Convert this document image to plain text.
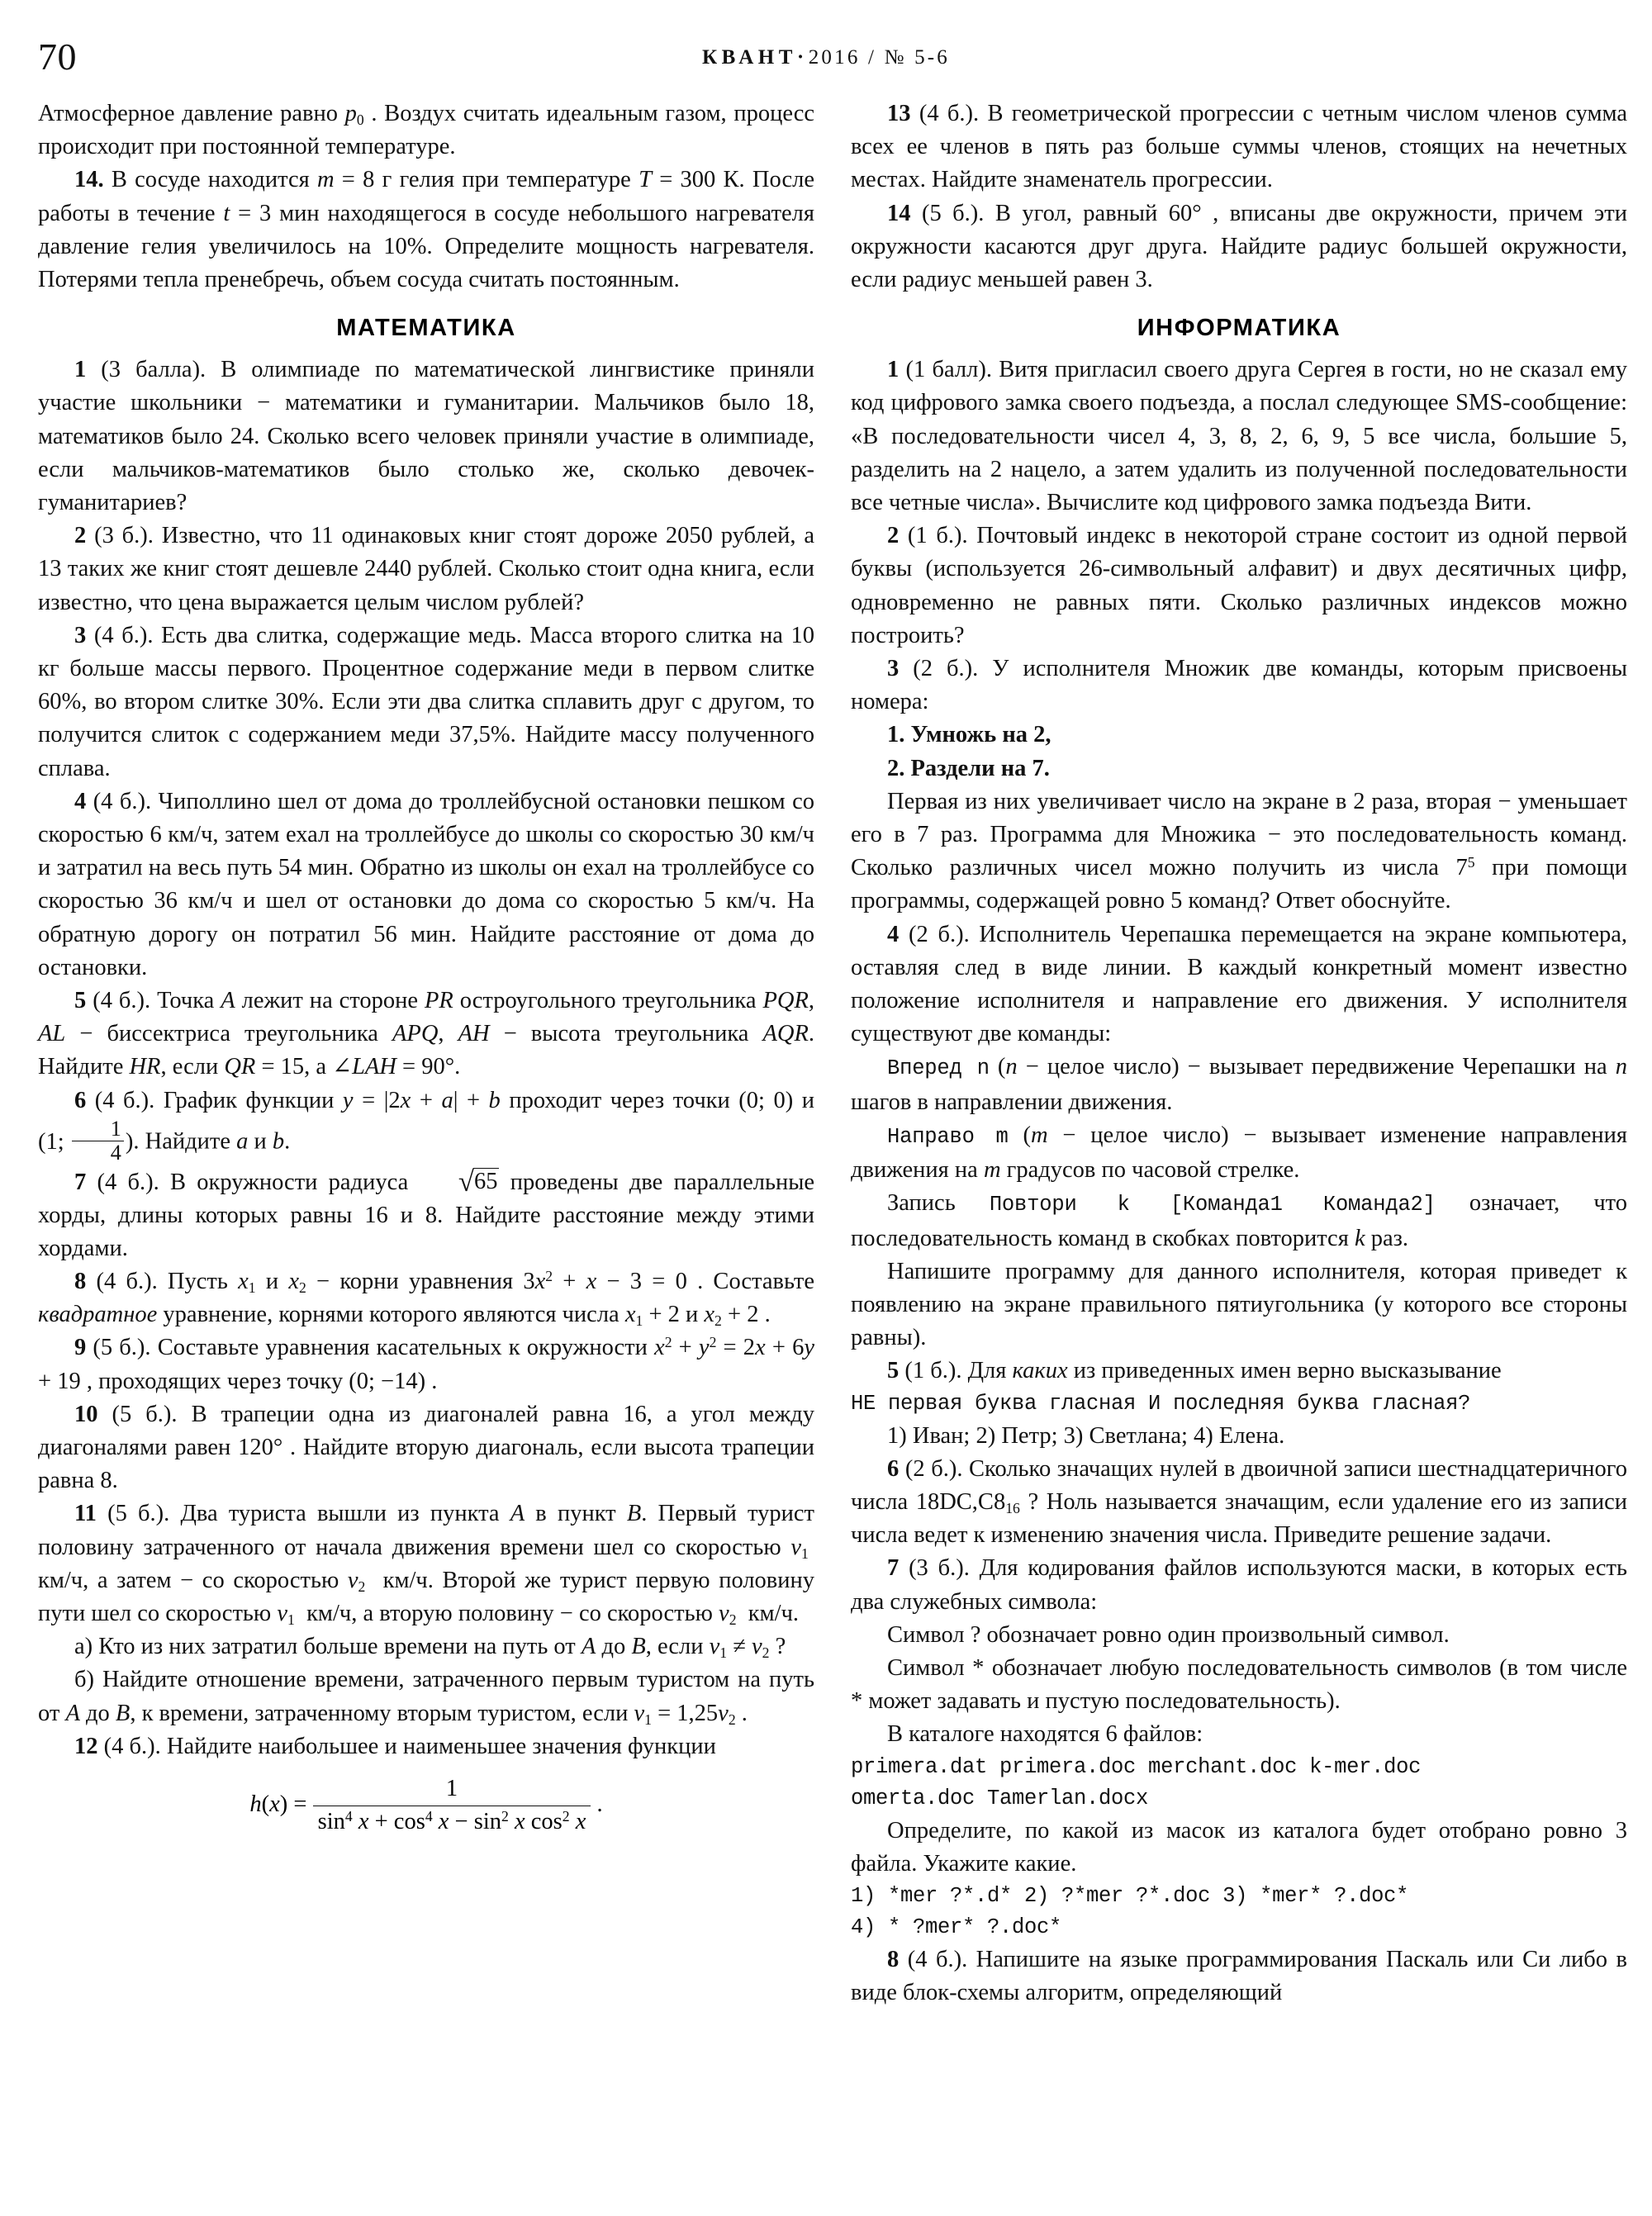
70	КВАНТ·2016 / № 5-6

Атмосферное давление равно $p_0$ . Воздух считать идеальным газом, процесс происходит при постоянной температуре.

14. В сосуде находится m = 8 г гелия при температуре T = 300 К. После работы в течение t = 3 мин находящегося в сосуде небольшого нагревателя давление гелия увеличилось на 10%. Определите мощность нагревателя. Потерями тепла пренебречь, объем сосуда считать постоянным.

МАТЕМАТИКА

1 (3 балла). В олимпиаде по математической лингвистике приняли участие школьники − математики и гуманитарии. Мальчиков было 18, математиков было 24. Сколько всего человек приняли участие в олимпиаде, если мальчиков-математиков было столько же, сколько девочек-гуманитариев?

2 (3 б.). Известно, что 11 одинаковых книг стоят дороже 2050 рублей, а 13 таких же книг стоят дешевле 2440 рублей. Сколько стоит одна книга, если известно, что цена выражается целым числом рублей?

3 (4 б.). Есть два слитка, содержащие медь. Масса второго слитка на 10 кг больше массы первого. Процентное содержание меди в первом слитке 60%, во втором слитке 30%. Если эти два слитка сплавить друг с другом, то получится слиток с содержанием меди 37,5%. Найдите массу полученного сплава.

4 (4 б.). Чиполлино шел от дома до троллейбусной остановки пешком со скоростью 6 км/ч, затем ехал на троллейбусе до школы со скоростью 30 км/ч и затратил на весь путь 54 мин. Обратно из школы он ехал на троллейбусе со скоростью 36 км/ч и шел от остановки до дома со скоростью 5 км/ч. На обратную дорогу он потратил 56 мин. Найдите расстояние от дома до остановки.

5 (4 б.). Точка A лежит на стороне PR остроугольного треугольника PQR, AL − биссектриса треугольника APQ, AH − высота треугольника AQR. Найдите HR, если QR = 15, а ∠LAH = 90°.

6 (4 б.). График функции y = |2x + a| + b проходит через точки (0; 0) и (1; $\frac{1}{4}$ ). Найдите a и b.

7 (4 б.). В окружности радиуса √65 проведены две параллельные хорды, длины которых равны 16 и 8. Найдите расстояние между этими хордами.

8 (4 б.). Пусть $x_1$ и $x_2$ − корни уравнения $3x^2 + x - 3 = 0$ . Составьте квадратное уравнение, корнями которого являются числа $x_1 + 2$ и $x_2 + 2$ .

9 (5 б.). Составьте уравнения касательных к окружности $x^2 + y^2 = 2x + 6y + 19$ , проходящих через точку (0; −14) .

10 (5 б.). В трапеции одна из диагоналей равна 16, а угол между диагоналями равен 120° . Найдите вторую диагональ, если высота трапеции равна 8.

11 (5 б.). Два туриста вышли из пункта A в пункт B. Первый турист половину затраченного от начала движения времени шел со скоростью $v_1$  км/ч, а затем − со скоростью $v_2$  км/ч. Второй же турист первую половину пути шел со скоростью $v_1$  км/ч, а вторую половину − со скоростью $v_2$  км/ч.

а) Кто из них затратил больше времени на путь от A до B, если $v_1 \ne v_2$ ?

б) Найдите отношение времени, затраченного первым туристом на путь от A до B, к времени, затраченному вторым туристом, если $v_1 = 1,25v_2$ .

12 (4 б.). Найдите наибольшее и наименьшее значения функции

$h(x) = \frac{1}{\sin^4 x + \cos^4 x - \sin^2 x \cos^2 x}$ .

13 (4 б.). В геометрической прогрессии с четным числом членов сумма всех ее членов в пять раз больше суммы членов, стоящих на нечетных местах. Найдите знаменатель прогрессии.

14 (5 б.). В угол, равный 60° , вписаны две окружности, причем эти окружности касаются друг друга. Найдите радиус большей окружности, если радиус меньшей равен 3.

ИНФОРМАТИКА

1 (1 балл). Витя пригласил своего друга Сергея в гости, но не сказал ему код цифрового замка своего подъезда, а послал следующее SMS-сообщение: «В последовательности чисел 4, 3, 8, 2, 6, 9, 5 все числа, большие 5, разделить на 2 нацело, а затем удалить из полученной последовательности все четные числа». Вычислите код цифрового замка подъезда Вити.

2 (1 б.). Почтовый индекс в некоторой стране состоит из одной первой буквы (используется 26-символьный алфавит) и двух десятичных цифр, одновременно не равных пяти. Сколько различных индексов можно построить?

3 (2 б.). У исполнителя Множик две команды, которым присвоены номера:

1. Умножь на 2,

2. Раздели на 7.

Первая из них увеличивает число на экране в 2 раза, вторая − уменьшает его в 7 раз. Программа для Множика − это последовательность команд. Сколько различных чисел можно получить из числа $7^5$ при помощи программы, содержащей ровно 5 команд? Ответ обоснуйте.

4 (2 б.). Исполнитель Черепашка перемещается на экране компьютера, оставляя след в виде линии. В каждый конкретный момент известно положение исполнителя и направление его движения. У исполнителя существуют две команды:

Вперед n (n − целое число) − вызывает передвижение Черепашки на n шагов в направлении движения.

Направо m (m − целое число) − вызывает изменение направления движения на m градусов по часовой стрелке.

Запись Повтори k [Команда1 Команда2] означает, что последовательность команд в скобках повторится k раз.

Напишите программу для данного исполнителя, которая приведет к появлению на экране правильного пятиугольника (у которого все стороны равны).

5 (1 б.). Для каких из приведенных имен верно высказывание

НЕ первая буква гласная И последняя буква гласная?

1) Иван; 2) Петр; 3) Светлана; 4) Елена.

6 (2 б.). Сколько значащих нулей в двоичной записи шестнадцатеричного числа $18DC,C8_{16}$ ? Ноль называется значащим, если удаление его из записи числа ведет к изменению значения числа. Приведите решение задачи.

7 (3 б.). Для кодирования файлов используются маски, в которых есть два служебных символа:

Символ ? обозначает ровно один произвольный символ.

Символ * обозначает любую последовательность символов (в том числе * может задавать и пустую последовательность).

В каталоге находятся 6 файлов:

primera.dat primera.doc merchant.doc k-mer.doc

omerta.doc Tamerlan.docx

Определите, по какой из масок из каталога будет отобрано ровно 3 файла. Укажите какие.

1) *mer ?*.d* 2) ?*mer ?*.doc 3) *mer* ?.doc*

4) * ?mer* ?.doc*

8 (4 б.). Напишите на языке программирования Паскаль или Си либо в виде блок-схемы алгоритм, определяющий
